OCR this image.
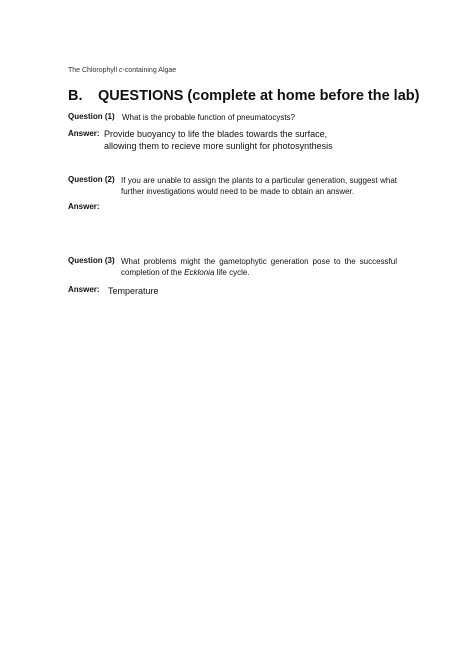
The Chlorophyll c-containing Algae
B. QUESTIONS (complete at home before the lab)
Question (1) What is the probable function of pneumatocysts?
Answer: Provide buoyancy to life the blades towards the surface,
allowing them to recieve more sunlight for photosynthesis
Question (2) If you are unable to assign the plants to a particular generation, suggest what further investigations would need to be made to obtain an answer.
Answer:
Question (3) What problems might the gametophytic generation pose to the successful completion of the Ecklonia life cycle.
Answer: Temperature
